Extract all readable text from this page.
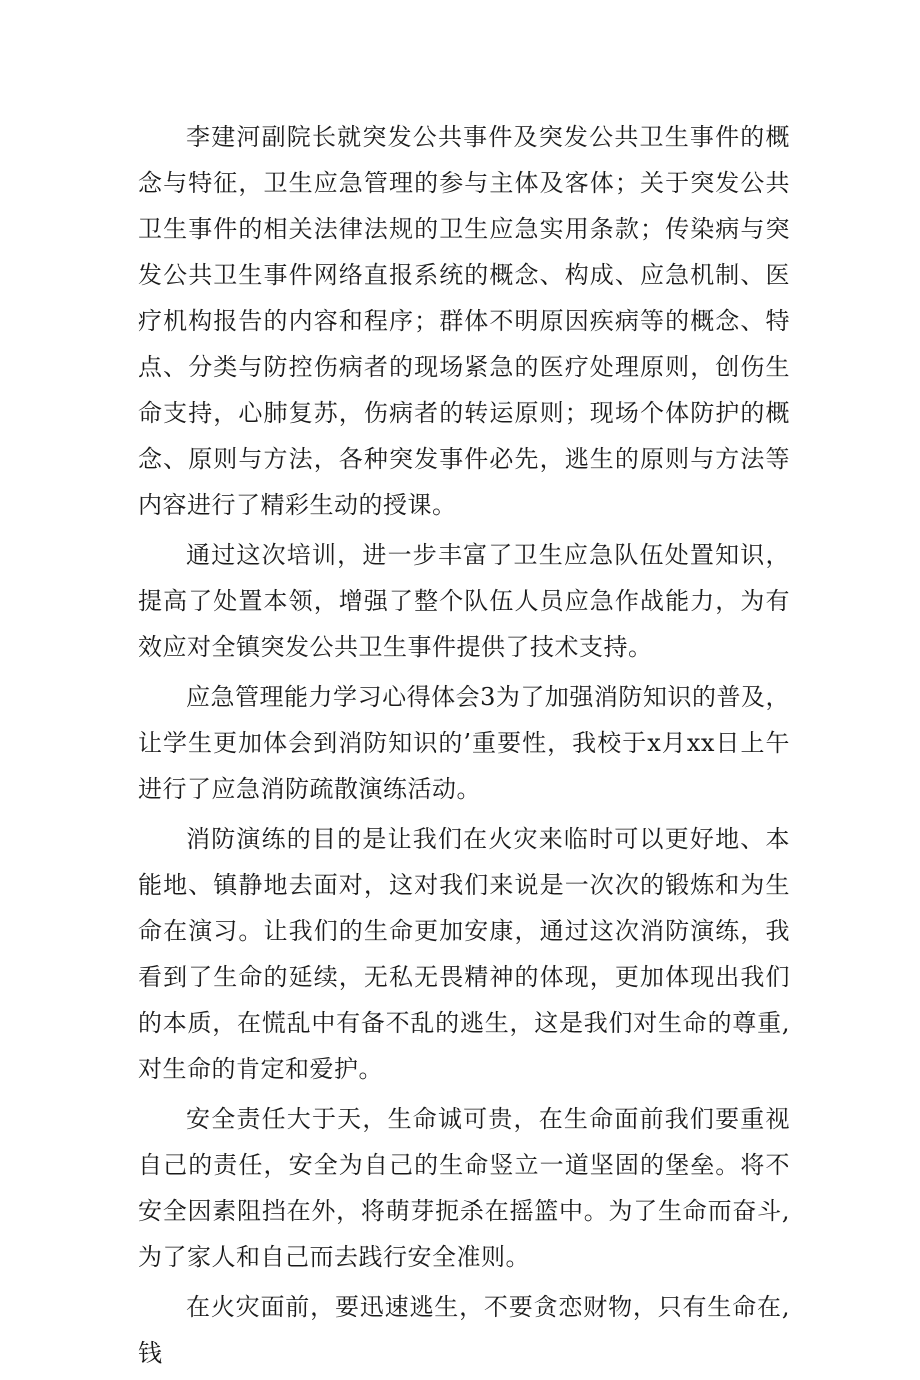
李建河副院长就突发公共事件及突发公共卫生事件的概念与特征，卫生应急管理的参与主体及客体；关于突发公共卫生事件的相关法律法规的卫生应急实用条款；传染病与突发公共卫生事件网络直报系统的概念、构成、应急机制、医疗机构报告的内容和程序；群体不明原因疾病等的概念、特点、分类与防控伤病者的现场紧急的医疗处理原则，创伤生命支持，心肺复苏，伤病者的转运原则；现场个体防护的概念、原则与方法，各种突发事件必先，逃生的原则与方法等内容进行了精彩生动的授课。

通过这次培训，进一步丰富了卫生应急队伍处置知识，提高了处置本领，增强了整个队伍人员应急作战能力，为有效应对全镇突发公共卫生事件提供了技术支持。

应急管理能力学习心得体会3为了加强消防知识的普及，让学生更加体会到消防知识的’重要性，我校于x月xx日上午进行了应急消防疏散演练活动。

消防演练的目的是让我们在火灾来临时可以更好地、本能地、镇静地去面对，这对我们来说是一次次的锻炼和为生命在演习。让我们的生命更加安康，通过这次消防演练，我看到了生命的延续，无私无畏精神的体现，更加体现出我们的本质，在慌乱中有备不乱的逃生，这是我们对生命的尊重,对生命的肯定和爱护。

安全责任大于天，生命诚可贵，在生命面前我们要重视自己的责任，安全为自己的生命竖立一道坚固的堡垒。将不安全因素阻挡在外，将萌芽扼杀在摇篮中。为了生命而奋斗,为了家人和自己而去践行安全准则。

在火灾面前，要迅速逃生，不要贪恋财物，只有生命在,钱
